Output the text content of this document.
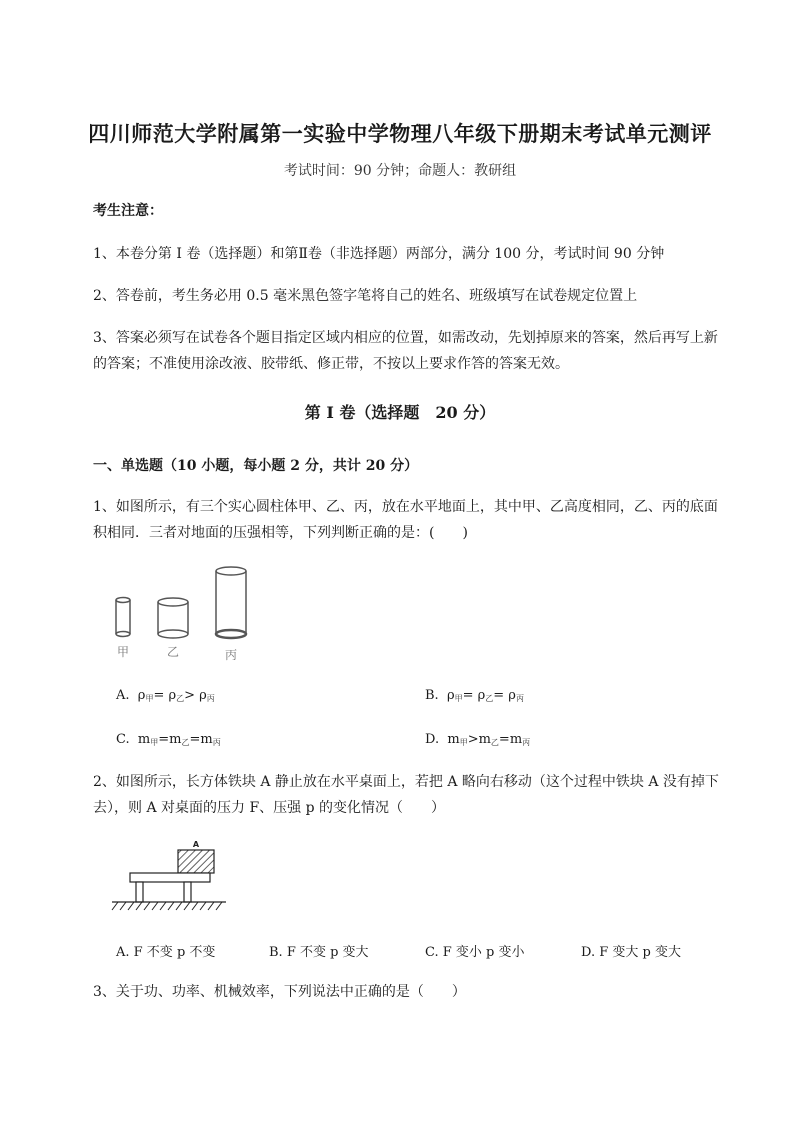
四川师范大学附属第一实验中学物理八年级下册期末考试单元测评
考试时间：90 分钟；命题人：教研组
考生注意：
1、本卷分第 I 卷（选择题）和第Ⅱ卷（非选择题）两部分，满分 100 分，考试时间 90 分钟
2、答卷前，考生务必用 0.5 毫米黑色签字笔将自己的姓名、班级填写在试卷规定位置上
3、答案必须写在试卷各个题目指定区域内相应的位置，如需改动，先划掉原来的答案，然后再写上新
的答案；不准使用涂改液、胶带纸、修正带，不按以上要求作答的答案无效。
第 I 卷（选择题　20 分）
一、单选题（10 小题，每小题 2 分，共计 20 分）
1、如图所示，有三个实心圆柱体甲、乙、丙，放在水平地面上，其中甲、乙高度相同，乙、丙的底面
积相同．三者对地面的压强相等，下列判断正确的是：(　　)
甲	乙	丙
A. $\rho_甲= \rho_乙> \rho_丙$	B. $\rho_甲= \rho_乙= \rho_丙$
C. $m_甲=m_乙=m_丙$	D. $m_甲>m_乙=m_丙$
2、如图所示，长方体铁块 A 静止放在水平桌面上，若把 A 略向右移动（这个过程中铁块 A 没有掉下
去），则 A 对桌面的压力 F、压强 p 的变化情况（　　）
A
A. F 不变 p 不变	B. F 不变 p 变大	C. F 变小 p 变小	D. F 变大 p 变大
3、关于功、功率、机械效率，下列说法中正确的是（　　）
